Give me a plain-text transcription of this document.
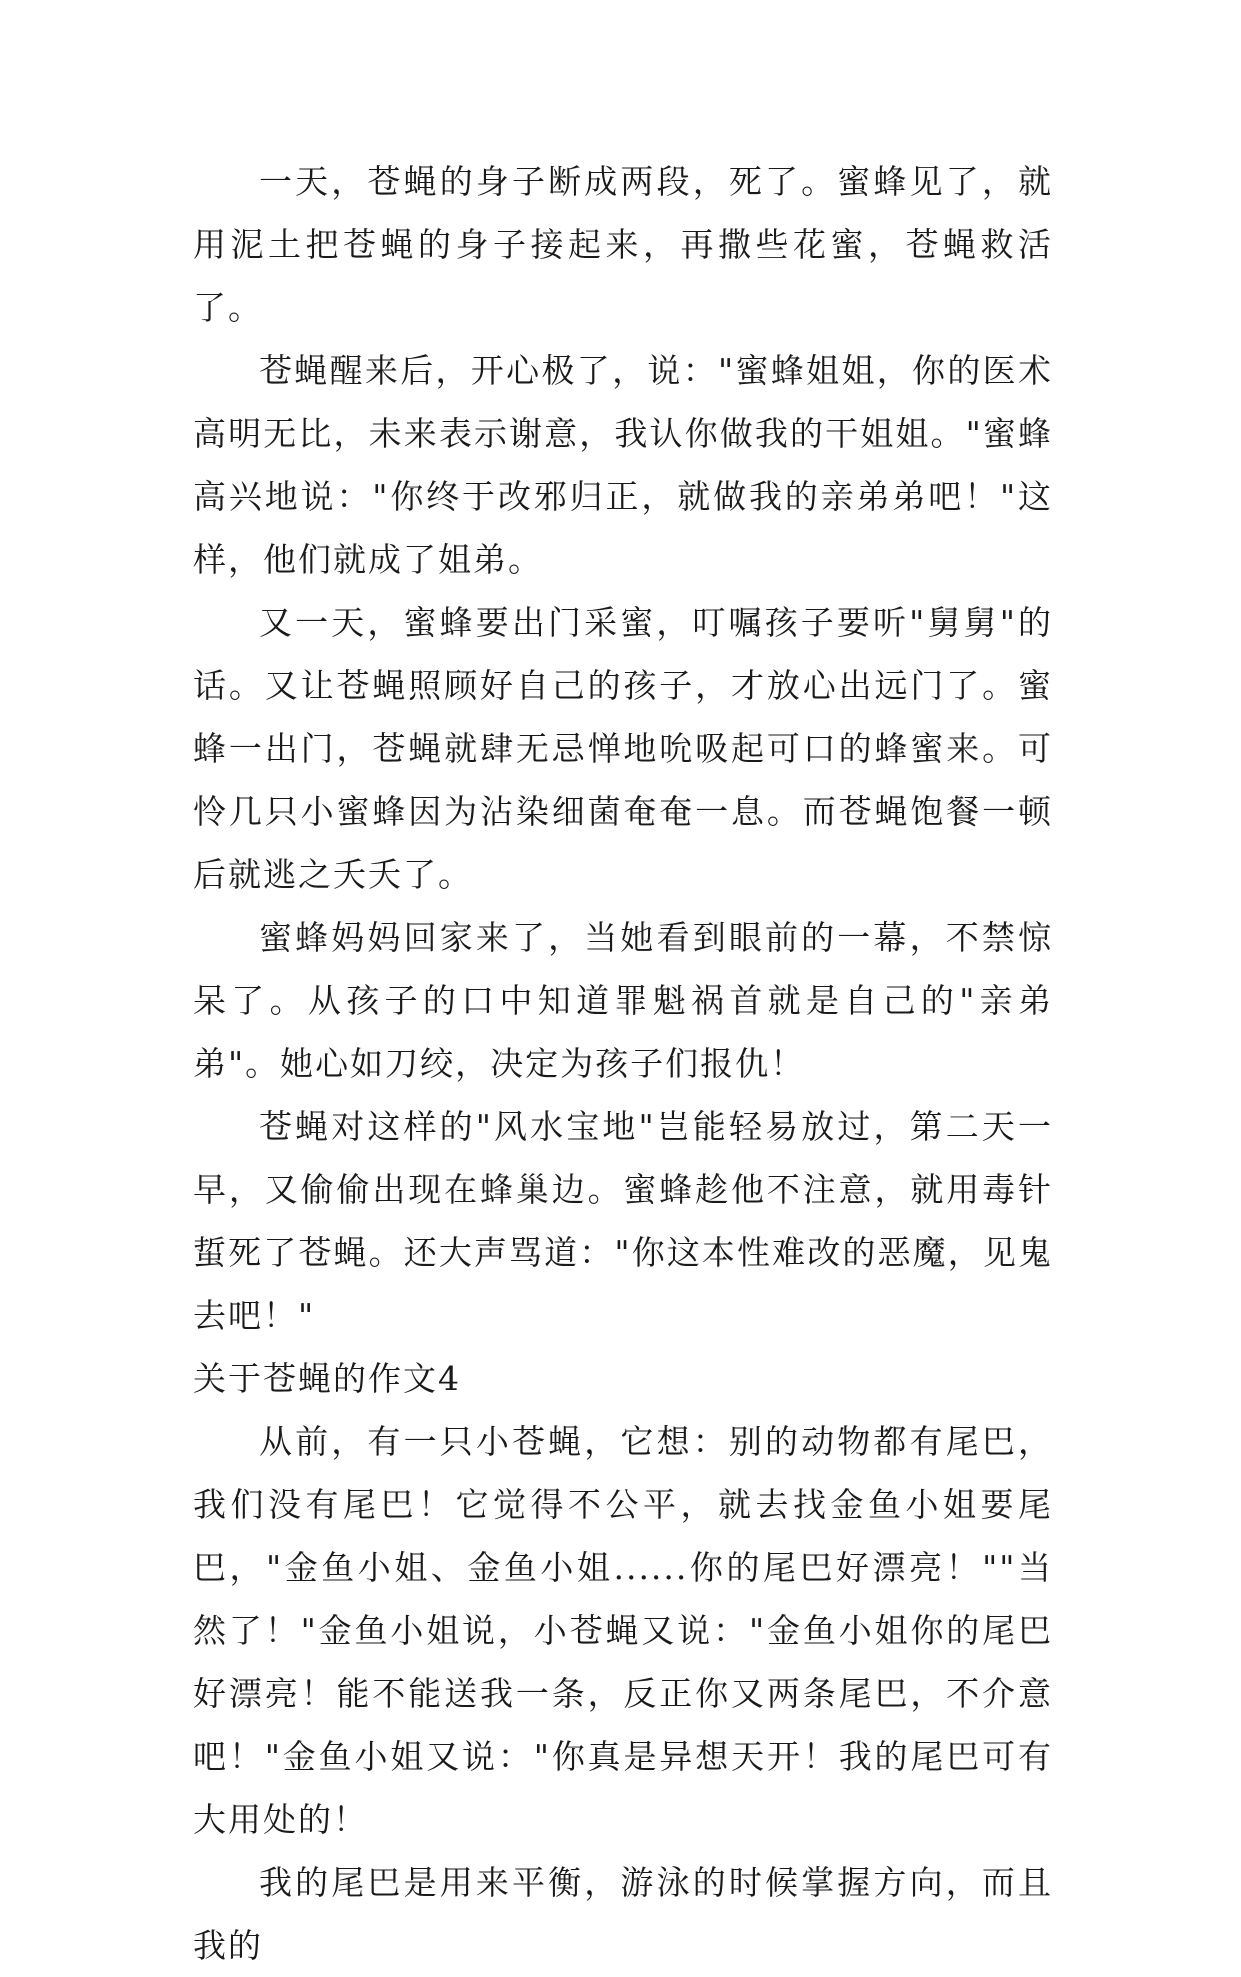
一天，苍蝇的身子断成两段，死了。蜜蜂见了，就用泥土把苍蝇的身子接起来，再撒些花蜜，苍蝇救活了。

苍蝇醒来后，开心极了，说："蜜蜂姐姐，你的医术高明无比，未来表示谢意，我认你做我的干姐姐。"蜜蜂高兴地说："你终于改邪归正，就做我的亲弟弟吧！"这样，他们就成了姐弟。

又一天，蜜蜂要出门采蜜，叮嘱孩子要听"舅舅"的话。又让苍蝇照顾好自己的孩子，才放心出远门了。蜜蜂一出门，苍蝇就肆无忌惮地吮吸起可口的蜂蜜来。可怜几只小蜜蜂因为沾染细菌奄奄一息。而苍蝇饱餐一顿后就逃之夭夭了。

蜜蜂妈妈回家来了，当她看到眼前的一幕，不禁惊呆了。从孩子的口中知道罪魁祸首就是自己的"亲弟弟"。她心如刀绞，决定为孩子们报仇！

苍蝇对这样的"风水宝地"岂能轻易放过，第二天一早，又偷偷出现在蜂巢边。蜜蜂趁他不注意，就用毒针蜇死了苍蝇。还大声骂道："你这本性难改的恶魔，见鬼去吧！"

关于苍蝇的作文4

从前，有一只小苍蝇，它想：别的动物都有尾巴，我们没有尾巴！它觉得不公平，就去找金鱼小姐要尾巴，"金鱼小姐、金鱼小姐......你的尾巴好漂亮！""当然了！"金鱼小姐说，小苍蝇又说："金鱼小姐你的尾巴好漂亮！能不能送我一条，反正你又两条尾巴，不介意吧！"金鱼小姐又说："你真是异想天开！我的尾巴可有大用处的！

我的尾巴是用来平衡，游泳的时候掌握方向，而且我的
